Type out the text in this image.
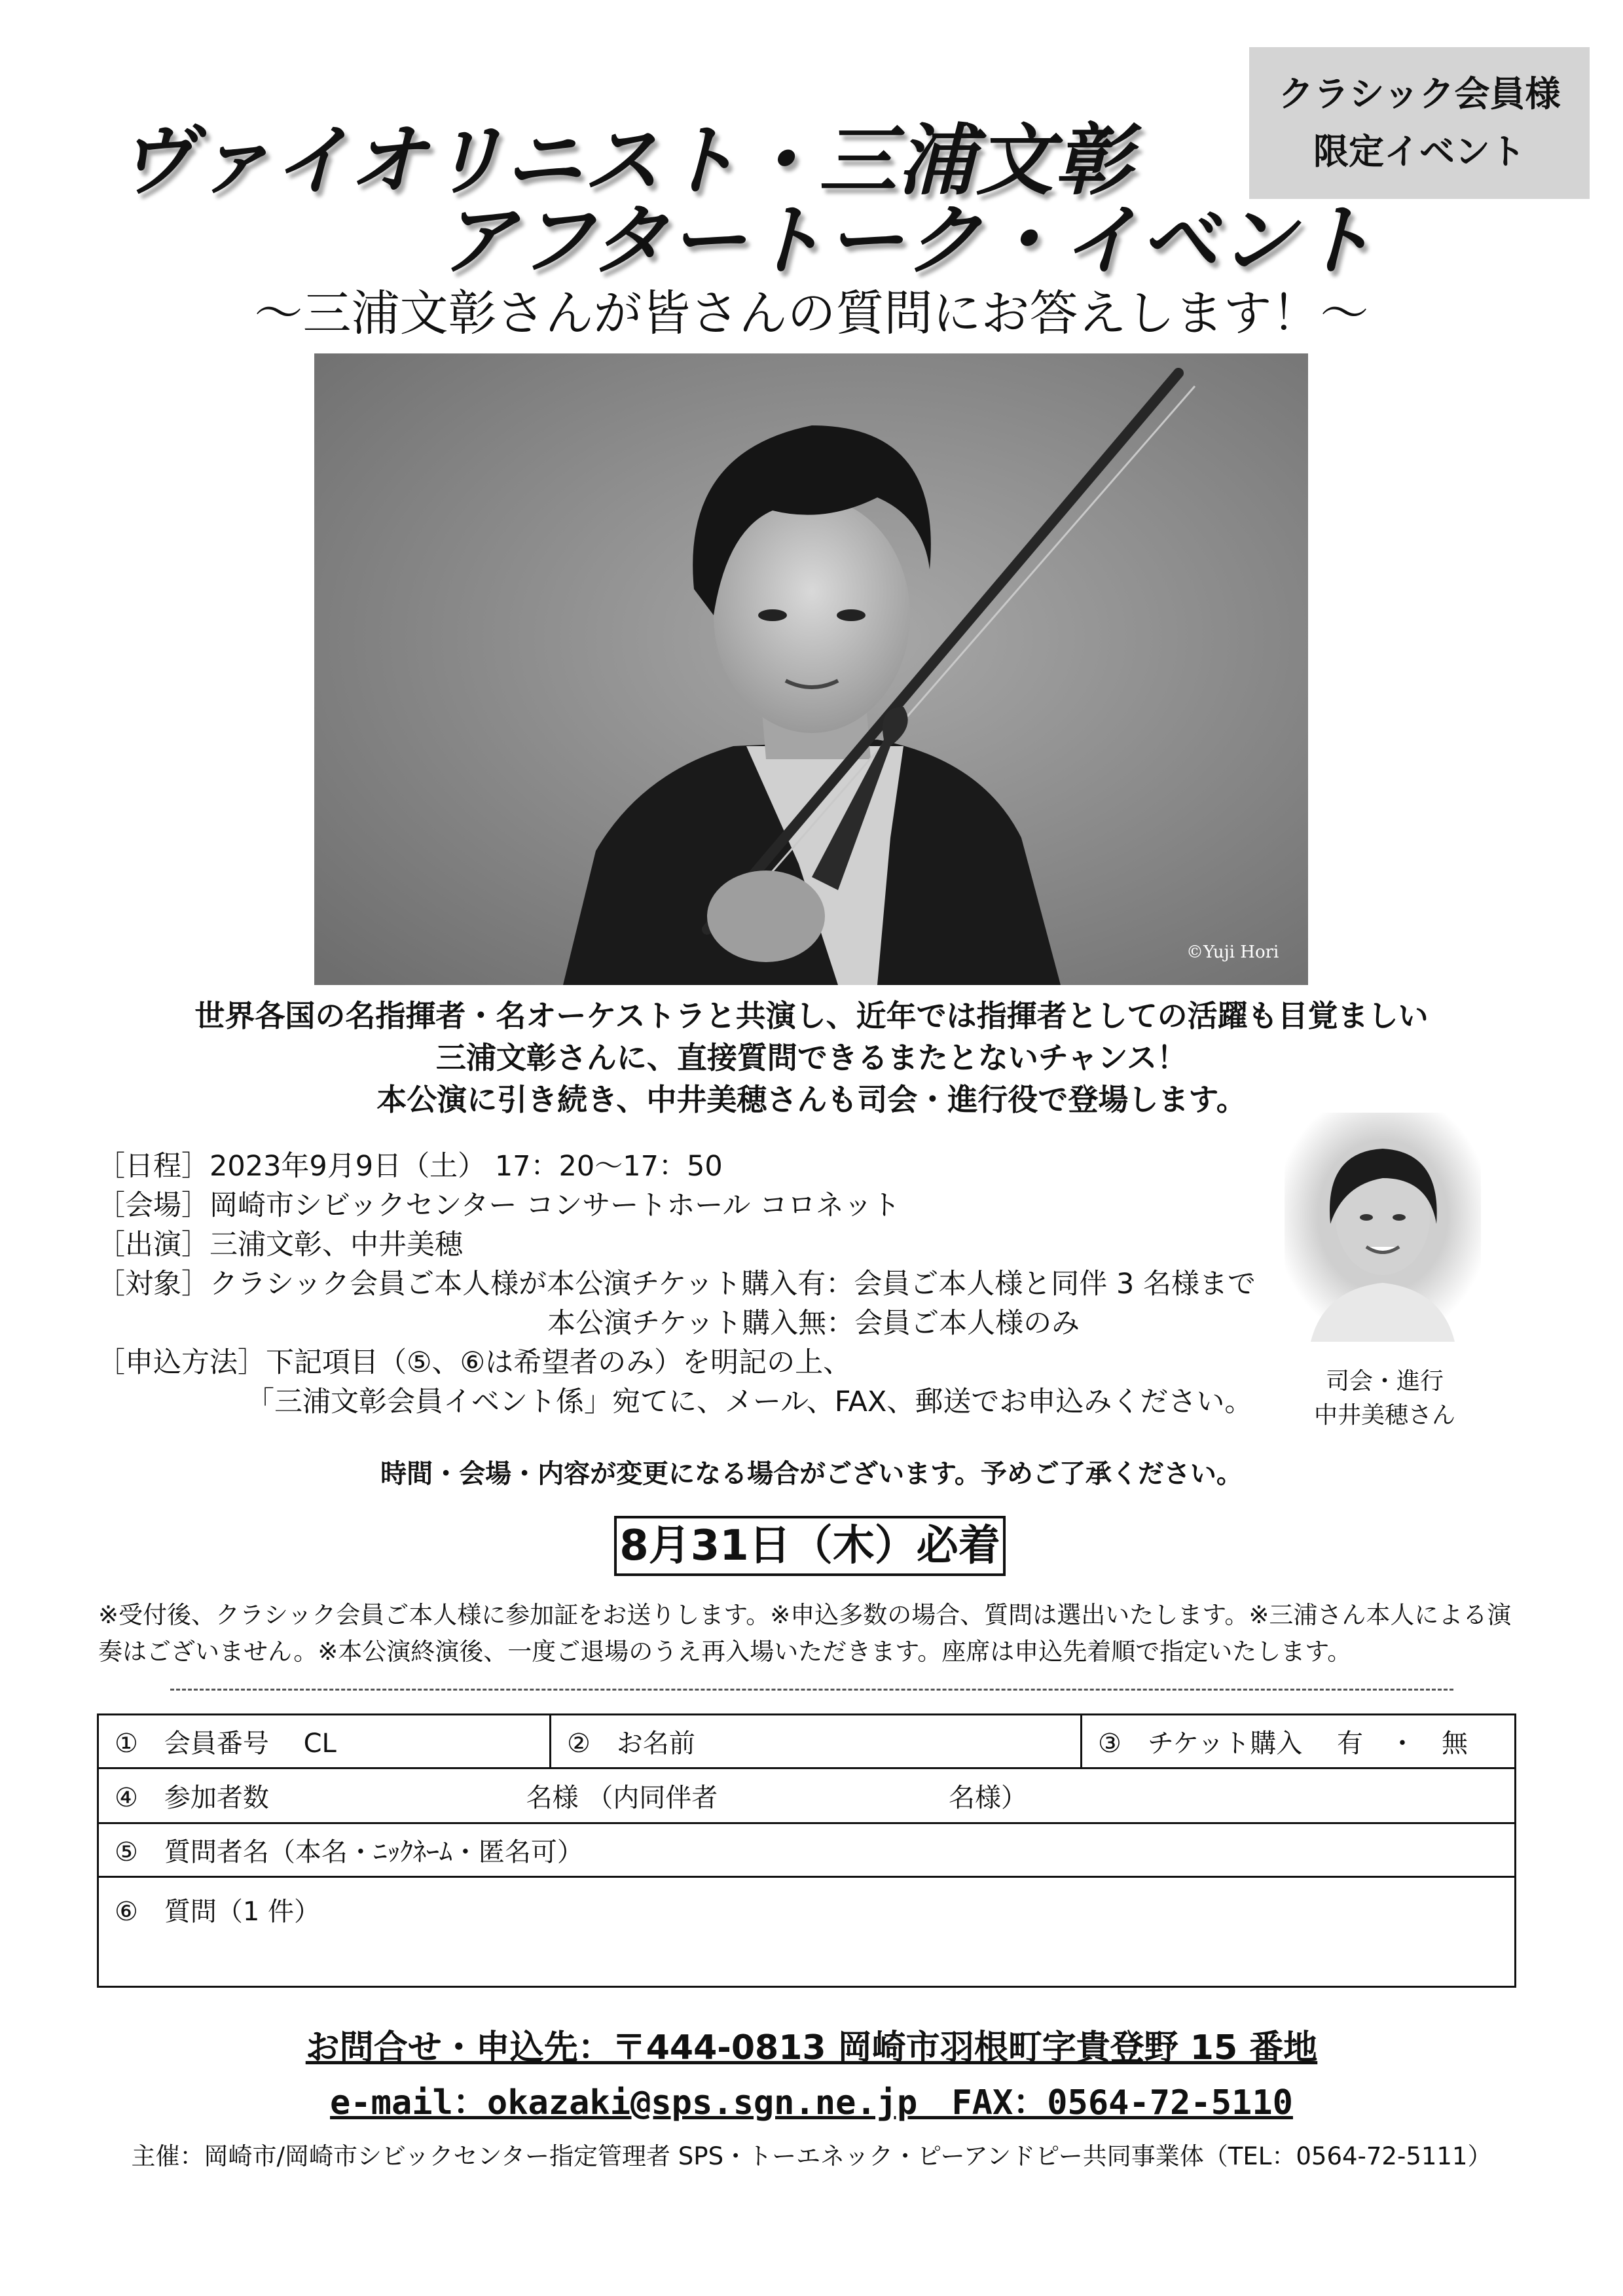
クラシック会員様
限定イベント
ヴァイオリニスト・三浦文彰
アフタートーク・イベント
～三浦文彰さんが皆さんの質問にお答えします！～
©Yuji Hori
世界各国の名指揮者・名オーケストラと共演し、近年では指揮者としての活躍も目覚ましい
三浦文彰さんに、直接質問できるまたとないチャンス！
本公演に引き続き、中井美穂さんも司会・進行役で登場します。
［日程］ 2023年9月9日（土） 17：20～17：50
［会場］ 岡崎市シビックセンター コンサートホール コロネット
［出演］ 三浦文彰、中井美穂
［対象］ クラシック会員ご本人様が本公演チケット購入有：会員ご本人様と同伴 3 名様まで
本公演チケット購入無：会員ご本人様のみ
［申込方法］ 下記項目（⑤、⑥は希望者のみ）を明記の上、
「三浦文彰会員イベント係」宛てに、メール、FAX、郵送でお申込みください。
司会・進行
中井美穂さん
時間・会場・内容が変更になる場合がございます。予めご了承ください。
8月31日（木）必着
※受付後、クラシック会員ご本人様に参加証をお送りします。※申込多数の場合、質問は選出いたします。※三浦さん本人による演奏はございません。※本公演終演後、一度ご退場のうえ再入場いただきます。座席は申込先着順で指定いたします。
①　会員番号　 CL	②　お名前	③　チケット購入　 有　・　無
④　参加者数	名様 （内同伴者	名様）
⑤　質問者名（本名・ﾆｯｸﾈｰﾑ・匿名可）
⑥　質問（1 件）
お問合せ・申込先：〒444-0813 岡崎市羽根町字貴登野 15 番地
e-mail：okazaki@sps.sgn.ne.jp　FAX：0564-72-5110
主催：岡崎市/岡崎市シビックセンター指定管理者 SPS・トーエネック・ピーアンドピー共同事業体（TEL：0564-72-5111）
